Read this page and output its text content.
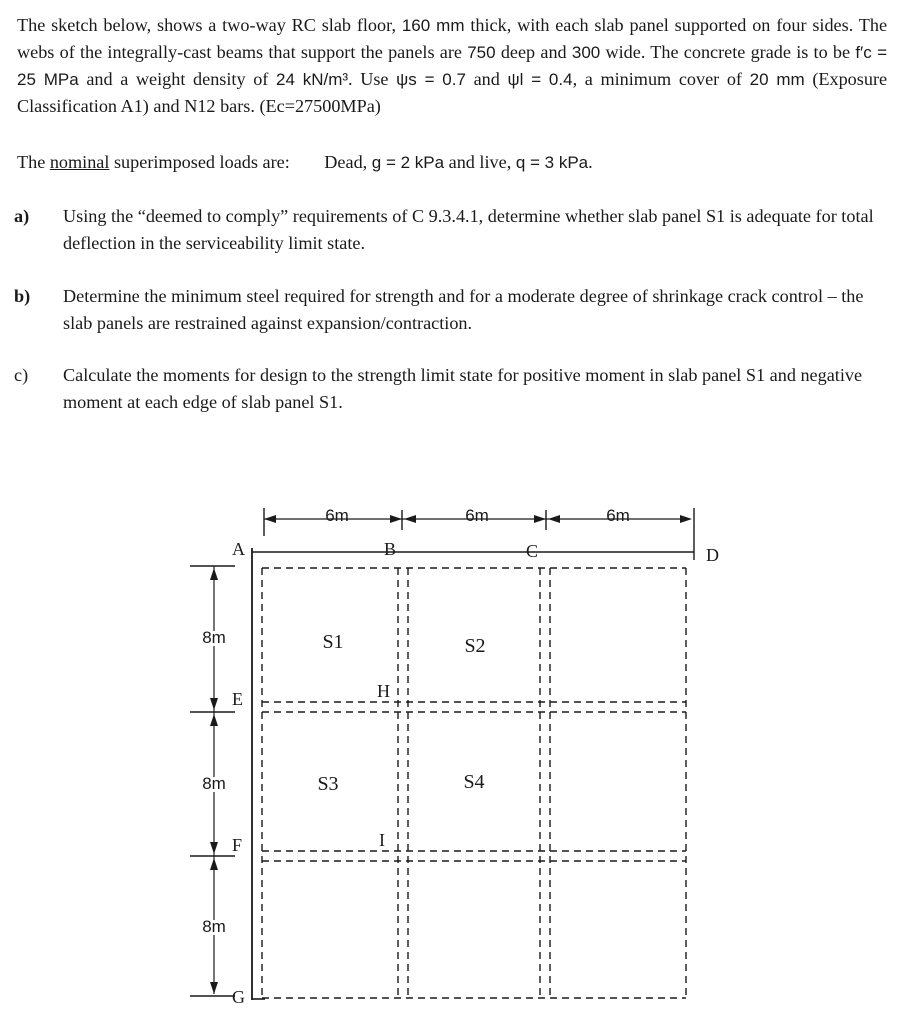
The sketch below, shows a two-way RC slab floor, 160 mm thick, with each slab panel supported on four sides. The webs of the integrally-cast beams that support the panels are 750 deep and 300 wide. The concrete grade is to be f′c = 25 MPa and a weight density of 24 kN/m³. Use ψs = 0.7 and ψl = 0.4, a minimum cover of 20 mm (Exposure Classification A1) and N12 bars. (Ec=27500MPa)

The nominal superimposed loads are: Dead, g = 2 kPa and live, q = 3 kPa.

a) Using the “deemed to comply” requirements of C 9.3.4.1, determine whether slab panel S1 is adequate for total deflection in the serviceability limit state.
b) Determine the minimum steel required for strength and for a moderate degree of shrinkage crack control – the slab panels are restrained against expansion/contraction.
c) Calculate the moments for design to the strength limit state for positive moment in slab panel S1 and negative moment at each edge of slab panel S1.
6m	6m	6m
8m
8m
8m
A	B	C	D
E
F
G
H
I
S1	S2
S3	S4
